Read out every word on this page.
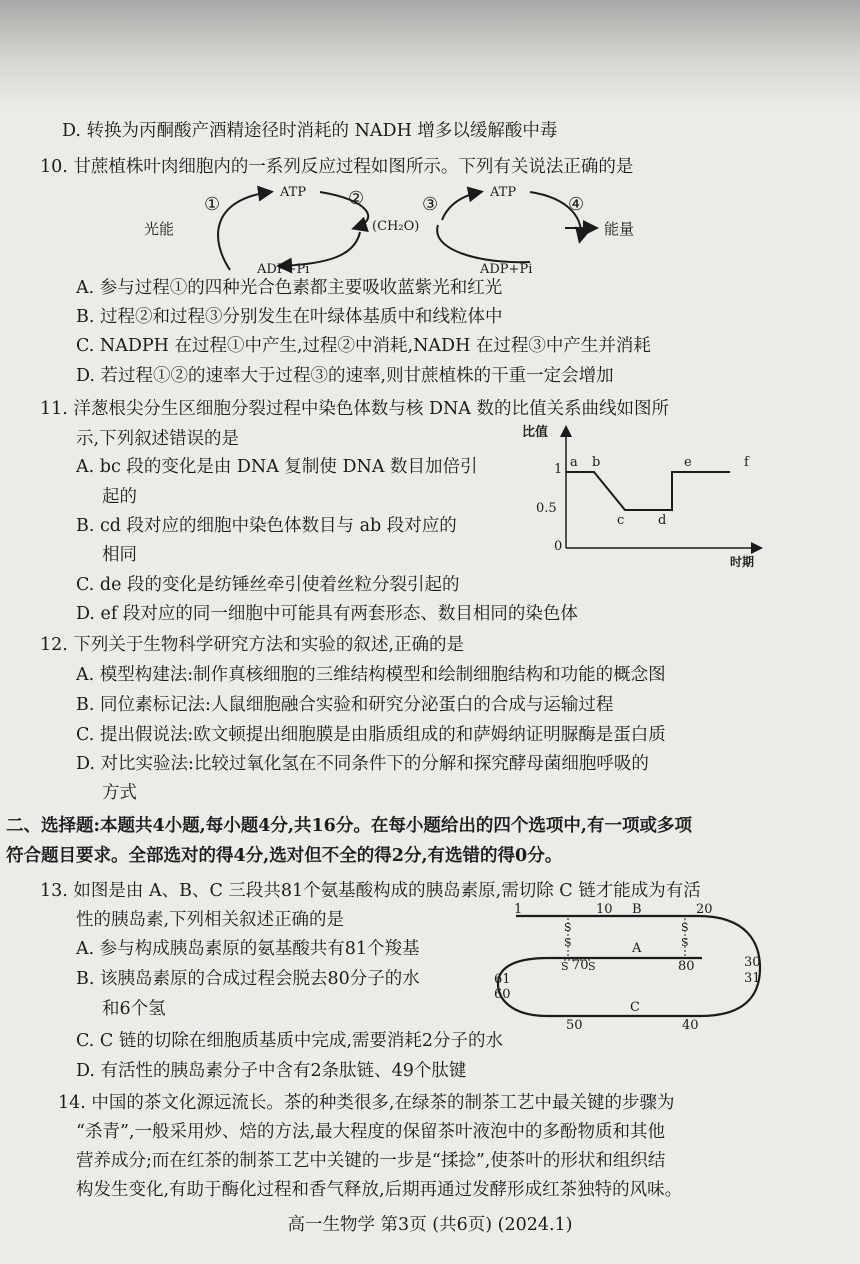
D. 转换为丙酮酸产酒精途径时消耗的 NADH 增多以缓解酸中毒
10. 甘蔗植株叶肉细胞内的一系列反应过程如图所示。下列有关说法正确的是
光能
ATP
ADP+Pi
(CH₂O)
ATP
ADP+Pi
能量
①	②	③	④
A. 参与过程①的四种光合色素都主要吸收蓝紫光和红光
B. 过程②和过程③分别发生在叶绿体基质中和线粒体中
C. NADPH 在过程①中产生,过程②中消耗,NADH 在过程③中产生并消耗
D. 若过程①②的速率大于过程③的速率,则甘蔗植株的干重一定会增加
11. 洋葱根尖分生区细胞分裂过程中染色体数与核 DNA 数的比值关系曲线如图所
示,下列叙述错误的是
A. bc 段的变化是由 DNA 复制使 DNA 数目加倍引
起的
B. cd 段对应的细胞中染色体数目与 ab 段对应的
相同
C. de 段的变化是纺锤丝牵引使着丝粒分裂引起的
D. ef 段对应的同一细胞中可能具有两套形态、数目相同的染色体
比值
时期
1
0.5
0
a b
c	d
e	f
12. 下列关于生物科学研究方法和实验的叙述,正确的是
A. 模型构建法:制作真核细胞的三维结构模型和绘制细胞结构和功能的概念图
B. 同位素标记法:人鼠细胞融合实验和研究分泌蛋白的合成与运输过程
C. 提出假说法:欧文顿提出细胞膜是由脂质组成的和萨姆纳证明脲酶是蛋白质
D. 对比实验法:比较过氧化氢在不同条件下的分解和探究酵母菌细胞呼吸的
方式
二、选择题:本题共4小题,每小题4分,共16分。在每小题给出的四个选项中,有一项或多项
符合题目要求。全部选对的得4分,选对但不全的得2分,有选错的得0分。
13. 如图是由 A、B、C 三段共81个氨基酸构成的胰岛素原,需切除 C 链才能成为有活
性的胰岛素,下列相关叙述正确的是
A. 参与构成胰岛素原的氨基酸共有81个羧基
B. 该胰岛素原的合成过程会脱去80分子的水
和6个氢
C. C 链的切除在细胞质基质中完成,需要消耗2分子的水
D. 有活性的胰岛素分子中含有2条肽链、49个肽键
S
S
S
S
S S
1	10 B	20
A
70	80
61
60
30
31
C
50	40
14. 中国的茶文化源远流长。茶的种类很多,在绿茶的制茶工艺中最关键的步骤为
“杀青”,一般采用炒、焙的方法,最大程度的保留茶叶液泡中的多酚物质和其他
营养成分;而在红茶的制茶工艺中关键的一步是“揉捻”,使茶叶的形状和组织结
构发生变化,有助于酶化过程和香气释放,后期再通过发酵形成红茶独特的风味。
高一生物学 第3页 (共6页) (2024.1)
